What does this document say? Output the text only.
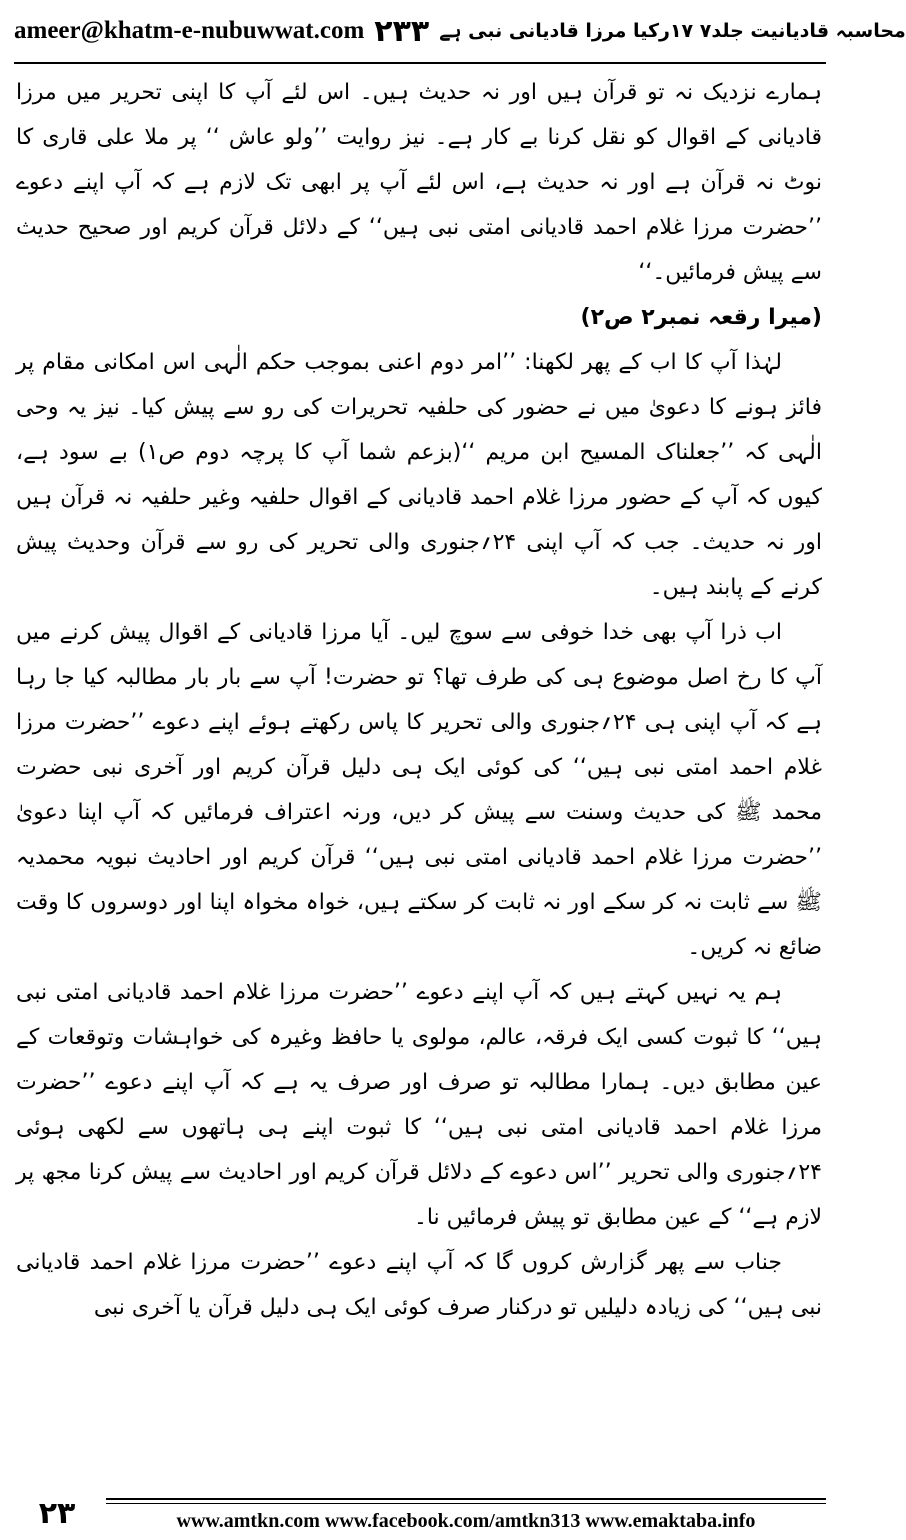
ameer@khatm-e-nubuwwat.com ۲۳۳ محاسبہ قادیانیت جلد۷ ۱۷رکیا مرزا قادیانی نبی ہے

ہمارے نزدیک نہ تو قرآن ہیں اور نہ حدیث ہیں۔ اس لئے آپ کا اپنی تحریر میں مرزا قادیانی کے اقوال کو نقل کرنا بے کار ہے۔ نیز روایت ’’ولو عاش ‘‘ پر ملا علی قاری کا نوٹ نہ قرآن ہے اور نہ حدیث ہے، اس لئے آپ پر ابھی تک لازم ہے کہ آپ اپنے دعوے ’’حضرت مرزا غلام احمد قادیانی امتی نبی ہیں‘‘ کے دلائل قرآن کریم اور صحیح حدیث سے پیش فرمائیں۔‘‘

(میرا رقعہ نمبر۲ ص۲)

لہٰذا آپ کا اب کے پھر لکھنا: ’’امر دوم اعنی بموجب حکم الٰہی اس امکانی مقام پر فائز ہونے کا دعویٰ میں نے حضور کی حلفیہ تحریرات کی رو سے پیش کیا۔ نیز یہ وحی الٰہی کہ ’’جعلناک المسیح ابن مریم ‘‘(بزعم شما آپ کا پرچہ دوم ص۱) بے سود ہے، کیوں کہ آپ کے حضور مرزا غلام احمد قادیانی کے اقوال حلفیہ وغیر حلفیہ نہ قرآن ہیں اور نہ حدیث۔ جب کہ آپ اپنی ۲۴؍جنوری والی تحریر کی رو سے قرآن وحدیث پیش کرنے کے پابند ہیں۔

اب ذرا آپ بھی خدا خوفی سے سوچ لیں۔ آیا مرزا قادیانی کے اقوال پیش کرنے میں آپ کا رخ اصل موضوع ہی کی طرف تھا؟ تو حضرت! آپ سے بار بار مطالبہ کیا جا رہا ہے کہ آپ اپنی ہی ۲۴؍جنوری والی تحریر کا پاس رکھتے ہوئے اپنے دعوے ’’حضرت مرزا غلام احمد امتی نبی ہیں‘‘ کی کوئی ایک ہی دلیل قرآن کریم اور آخری نبی حضرت محمد ﷺ کی حدیث وسنت سے پیش کر دیں، ورنہ اعتراف فرمائیں کہ آپ اپنا دعویٰ ’’حضرت مرزا غلام احمد قادیانی امتی نبی ہیں‘‘ قرآن کریم اور احادیث نبویہ محمدیہ ﷺ سے ثابت نہ کر سکے اور نہ ثابت کر سکتے ہیں، خواہ مخواہ اپنا اور دوسروں کا وقت ضائع نہ کریں۔

ہم یہ نہیں کہتے ہیں کہ آپ اپنے دعوے ’’حضرت مرزا غلام احمد قادیانی امتی نبی ہیں‘‘ کا ثبوت کسی ایک فرقہ، عالم، مولوی یا حافظ وغیرہ کی خواہشات وتوقعات کے عین مطابق دیں۔ ہمارا مطالبہ تو صرف اور صرف یہ ہے کہ آپ اپنے دعوے ’’حضرت مرزا غلام احمد قادیانی امتی نبی ہیں‘‘ کا ثبوت اپنے ہی ہاتھوں سے لکھی ہوئی ۲۴؍جنوری والی تحریر ’’اس دعوے کے دلائل قرآن کریم اور احادیث سے پیش کرنا مجھ پر لازم ہے‘‘ کے عین مطابق تو پیش فرمائیں نا۔

جناب سے پھر گزارش کروں گا کہ آپ اپنے دعوے ’’حضرت مرزا غلام احمد قادیانی نبی ہیں‘‘ کی زیادہ دلیلیں تو درکنار صرف کوئی ایک ہی دلیل قرآن یا آخری نبی

۲۳	www.amtkn.com www.facebook.com/amtkn313 www.emaktaba.info
